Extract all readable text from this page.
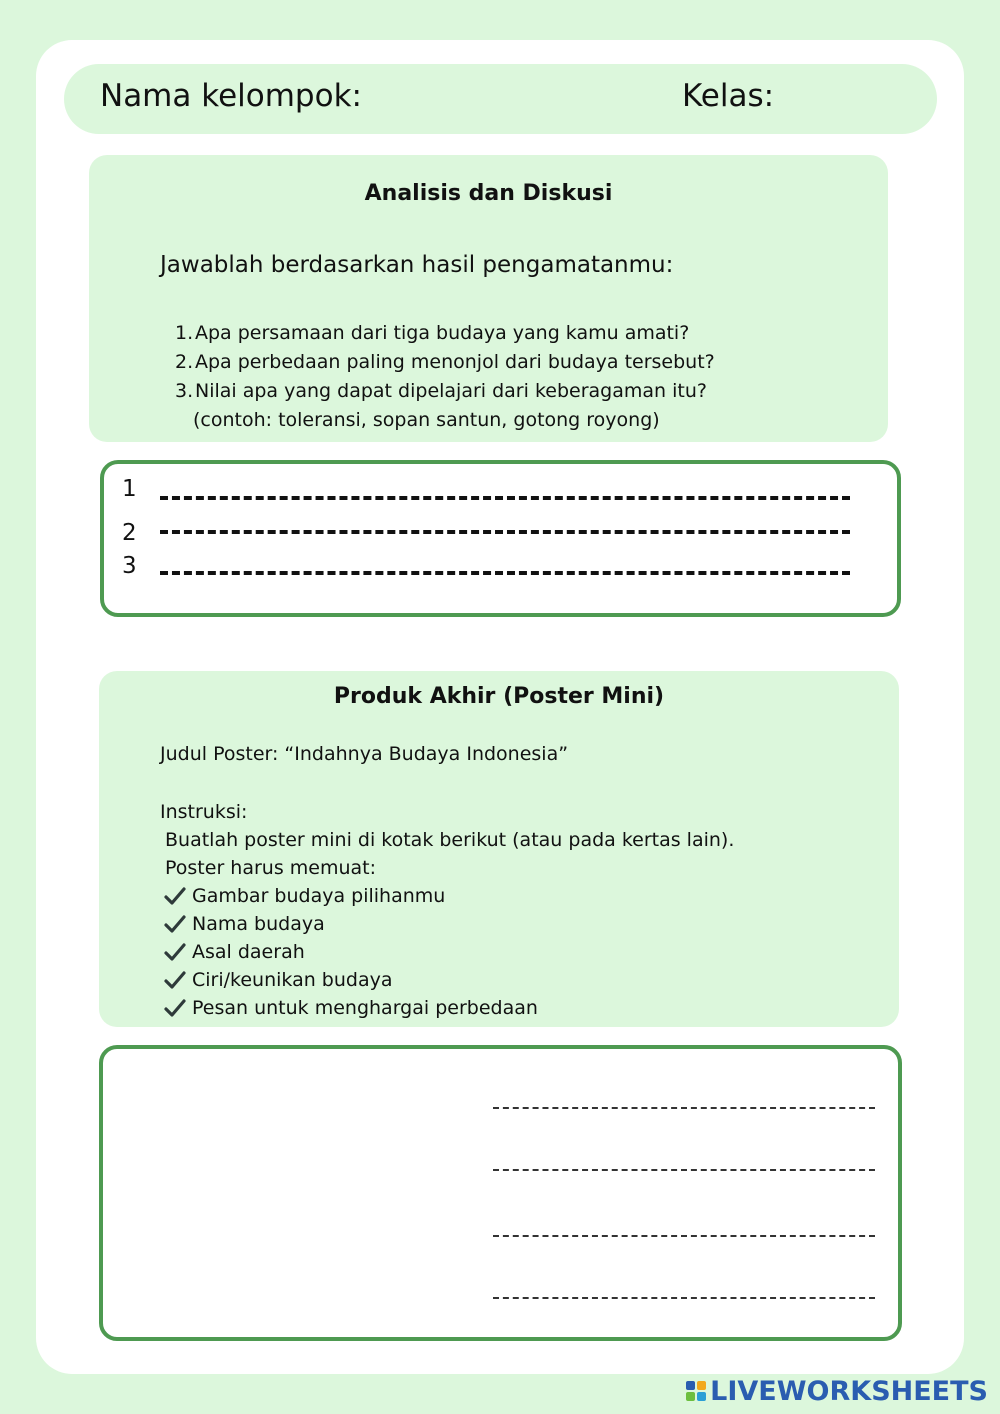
Nama kelompok:	Kelas:
Analisis dan Diskusi
Jawablah berdasarkan hasil pengamatanmu:
1. Apa persamaan dari tiga budaya yang kamu amati?
2. Apa perbedaan paling menonjol dari budaya tersebut?
3. Nilai apa yang dapat dipelajari dari keberagaman itu?
(contoh: toleransi, sopan santun, gotong royong)
1
2
3
Produk Akhir (Poster Mini)
Judul Poster: “Indahnya Budaya Indonesia”
Instruksi:
Buatlah poster mini di kotak berikut (atau pada kertas lain).
Poster harus memuat:
Gambar budaya pilihanmu
Nama budaya
Asal daerah
Ciri/keunikan budaya
Pesan untuk menghargai perbedaan
LIVEWORKSHEETS
